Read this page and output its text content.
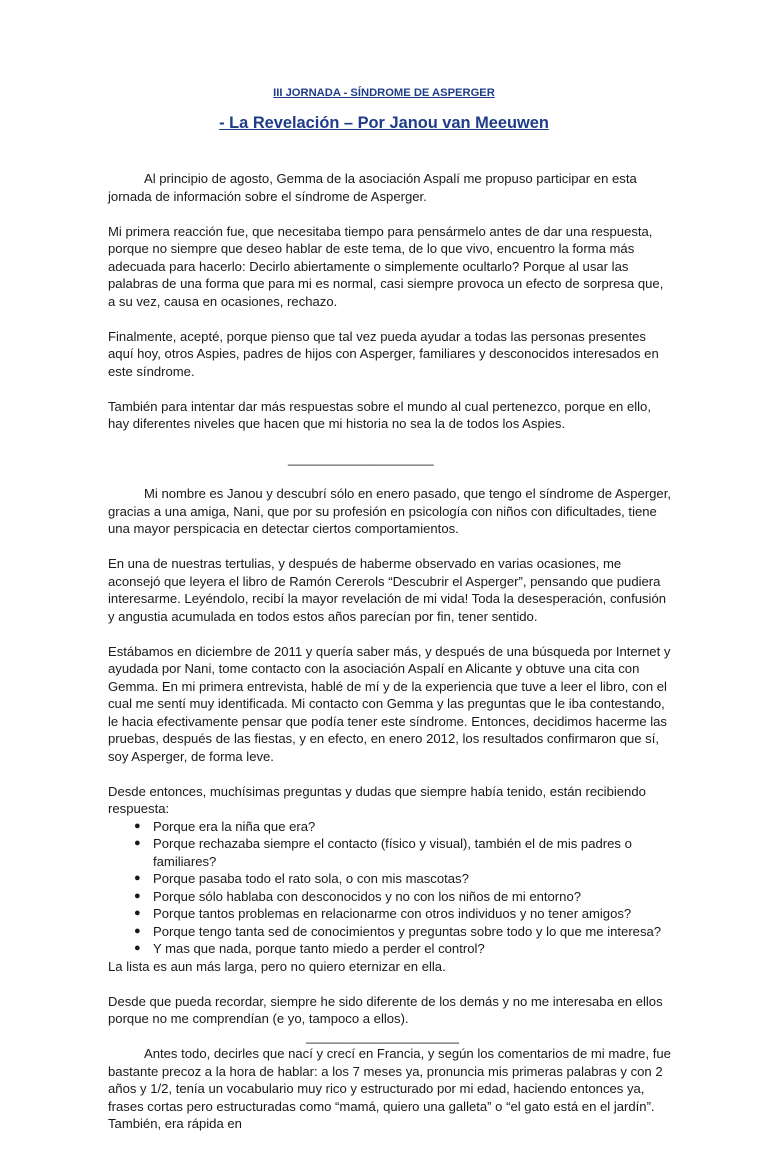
III JORNADA - SÍNDROME DE ASPERGER
- La Revelación – Por Janou van Meeuwen

Al principio de agosto, Gemma de la asociación Aspalí me propuso participar en esta jornada de información sobre el síndrome de Asperger.

Mi primera reacción fue, que necesitaba tiempo para pensármelo antes de dar una respuesta, porque no siempre que deseo hablar de este tema, de lo que vivo, encuentro la forma más adecuada para hacerlo: Decirlo abiertamente o simplemente ocultarlo? Porque al usar las palabras de una forma que para mi es normal, casi siempre provoca un efecto de sorpresa que, a su vez, causa en ocasiones, rechazo.

Finalmente, acepté, porque pienso que tal vez pueda ayudar a todas las personas presentes aquí hoy, otros Aspies, padres de hijos con Asperger, familiares y desconocidos interesados en este síndrome.

También para intentar dar más respuestas sobre el mundo al cual pertenezco, porque en ello, hay diferentes niveles que hacen que mi historia no sea la de todos los Aspies.

____________________

Mi nombre es Janou y descubrí sólo en enero pasado, que tengo el síndrome de Asperger, gracias a una amiga, Nani, que por su profesión en psicología con niños con dificultades, tiene una mayor perspicacia en detectar ciertos comportamientos.

En una de nuestras tertulias, y después de haberme observado en varias ocasiones, me aconsejó que leyera el libro de Ramón Cererols “Descubrir el Asperger”, pensando que pudiera interesarme. Leyéndolo, recibí la mayor revelación de mi vida! Toda la desesperación, confusión y angustia acumulada en todos estos años parecían por fin, tener sentido.

Estábamos en diciembre de 2011 y quería saber más, y después de una búsqueda por Internet y ayudada por Nani, tome contacto con la asociación Aspalí en Alicante y obtuve una cita con Gemma. En mi primera entrevista, hablé de mí y de la experiencia que tuve a leer el libro, con el cual me sentí muy identificada. Mi contacto con Gemma y las preguntas que le iba contestando, le hacia efectivamente pensar que podía tener este síndrome. Entonces, decidimos hacerme las pruebas, después de las fiestas, y en efecto, en enero 2012, los resultados confirmaron que sí, soy Asperger, de forma leve.

Desde entonces, muchísimas preguntas y dudas que siempre había tenido, están recibiendo respuesta:
● Porque era la niña que era?
● Porque rechazaba siempre el contacto (físico y visual), también el de mis padres o familiares?
● Porque pasaba todo el rato sola, o con mis mascotas?
● Porque sólo hablaba con desconocidos y no con los niños de mi entorno?
● Porque tantos problemas en relacionarme con otros individuos y no tener amigos?
● Porque tengo tanta sed de conocimientos y preguntas sobre todo y lo que me interesa?
● Y mas que nada, porque tanto miedo a perder el control?

La lista es aun más larga, pero no quiero eternizar en ella.

Desde que pueda recordar, siempre he sido diferente de los demás y no me interesaba en ellos porque no me comprendían (e yo, tampoco a ellos).
_____________________

Antes todo, decirles que nací y crecí en Francia, y según los comentarios de mi madre, fue bastante precoz a la hora de hablar: a los 7 meses ya, pronuncia mis primeras palabras y con 2 años y 1/2, tenía un vocabulario muy rico y estructurado por mi edad, haciendo entonces ya, frases cortas pero estructuradas como “mamá, quiero una galleta” o “el gato está en el jardín”. También, era rápida en
